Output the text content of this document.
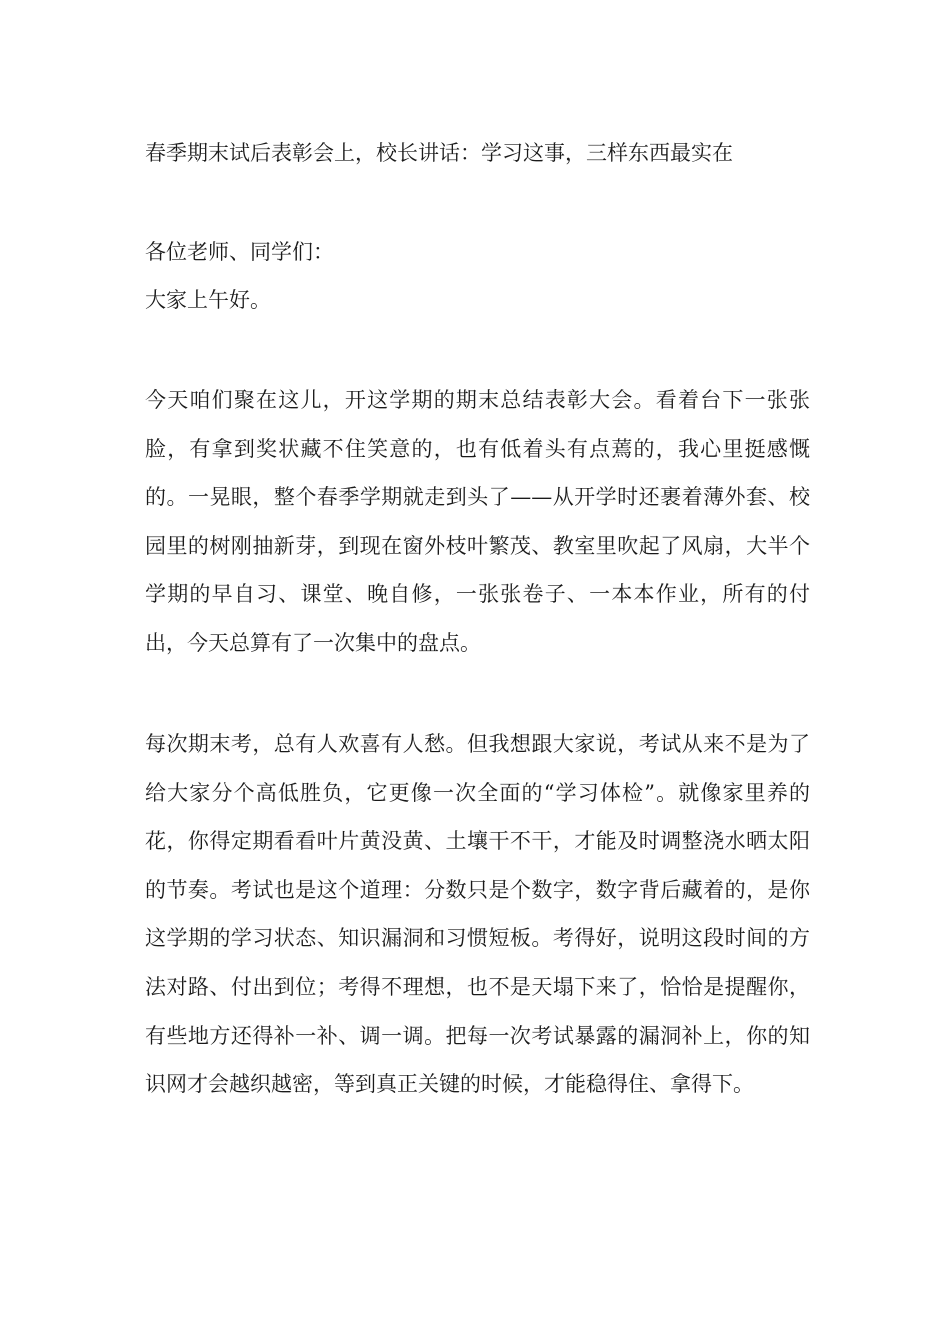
春季期末试后表彰会上，校长讲话：学习这事，三样东西最实在
各位老师、同学们：
大家上午好。

今天咱们聚在这儿，开这学期的期末总结表彰大会。看着台下一张张脸，有拿到奖状藏不住笑意的，也有低着头有点蔫的，我心里挺感慨的。一晃眼，整个春季学期就走到头了——从开学时还裹着薄外套、校园里的树刚抽新芽，到现在窗外枝叶繁茂、教室里吹起了风扇，大半个学期的早自习、课堂、晚自修，一张张卷子、一本本作业，所有的付出，今天总算有了一次集中的盘点。

每次期末考，总有人欢喜有人愁。但我想跟大家说，考试从来不是为了给大家分个高低胜负，它更像一次全面的“学习体检”。就像家里养的花，你得定期看看叶片黄没黄、土壤干不干，才能及时调整浇水晒太阳的节奏。考试也是这个道理：分数只是个数字，数字背后藏着的，是你这学期的学习状态、知识漏洞和习惯短板。考得好，说明这段时间的方法对路、付出到位；考得不理想，也不是天塌下来了，恰恰是提醒你，有些地方还得补一补、调一调。把每一次考试暴露的漏洞补上，你的知识网才会越织越密，等到真正关键的时候，才能稳得住、拿得下。
